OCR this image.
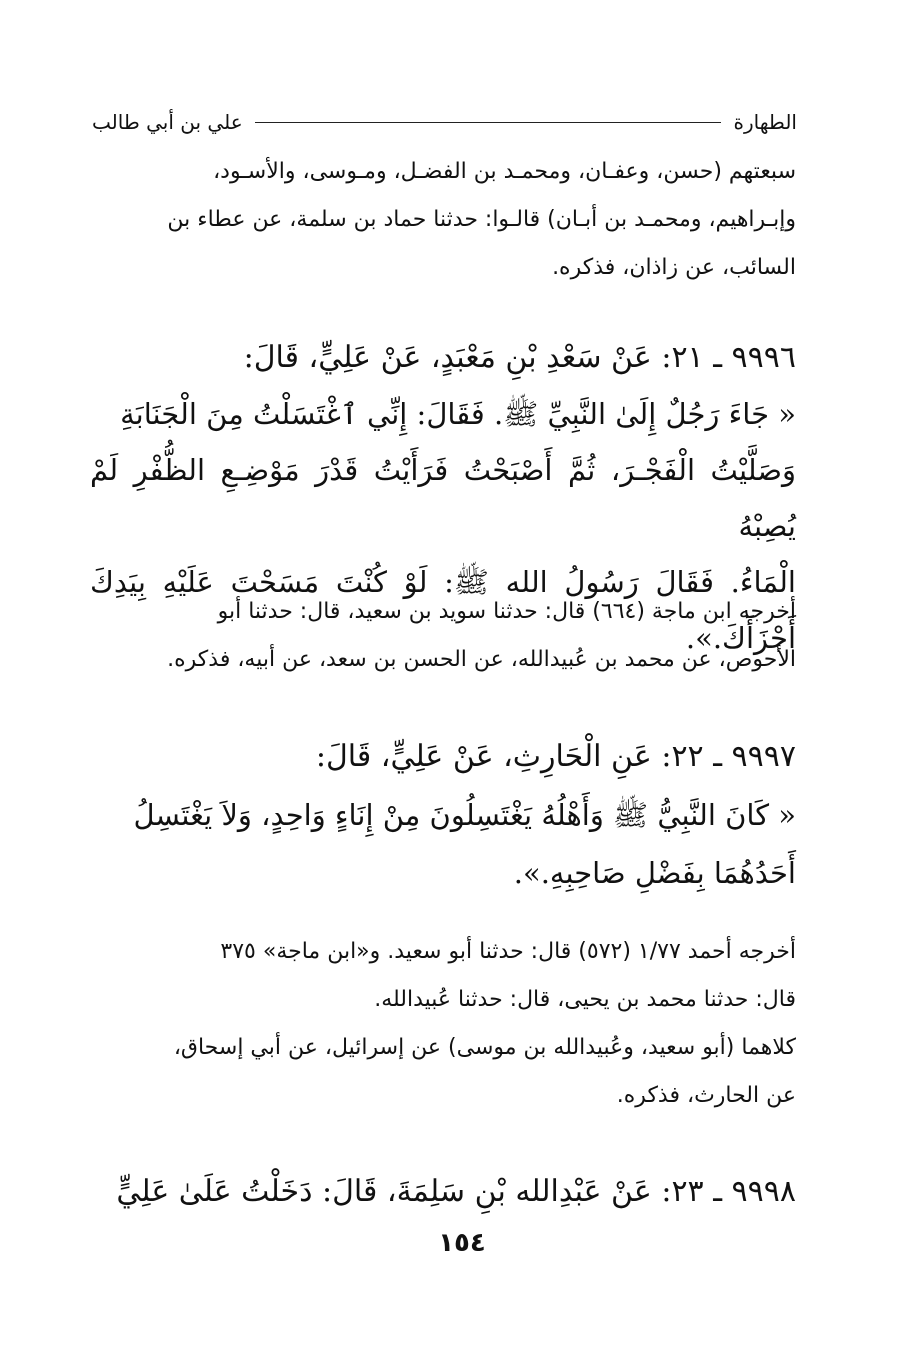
الطهارة
علي بن أبي طالب
سبعتهم (حسن، وعفـان، ومحمـد بن الفضـل، ومـوسى، والأسـود،
وإبـراهيم، ومحمـد بن أبـان) قالـوا: حدثنا حماد بن سلمة، عن عطاء بن
السائب، عن زاذان، فذكره.
٩٩٩٦ ـ ٢١: عَنْ سَعْدِ بْنِ مَعْبَدٍ، عَنْ عَلِيٍّ، قَالَ:
« جَاءَ رَجُلٌ إِلَىٰ النَّبِيِّ ﷺ. فَقَالَ: إِنِّي ٱغْتَسَلْتُ مِنَ الْجَنَابَةِ
وَصَلَّيْتُ الْفَجْـرَ، ثُمَّ أَصْبَحْتُ فَرَأَيْتُ قَدْرَ مَوْضِـعِ الظُّفْرِ لَمْ يُصِبْهُ
الْمَاءُ. فَقَالَ رَسُولُ الله ﷺ: لَوْ كُنْتَ مَسَحْتَ عَلَيْهِ بِيَدِكَ أَجْزَأَكَ.».
أخرجه ابن ماجة (٦٦٤) قال: حدثنا سويد بن سعيد، قال: حدثنا أبو
الأحوص، عن محمد بن عُبيدالله، عن الحسن بن سعد، عن أبيه، فذكره.
٩٩٩٧ ـ ٢٢: عَنِ الْحَارِثِ، عَنْ عَلِيٍّ، قَالَ:
« كَانَ النَّبِيُّ ﷺ وَأَهْلُهُ يَغْتَسِلُونَ مِنْ إِنَاءٍ وَاحِدٍ، وَلاَ يَغْتَسِلُ
أَحَدُهُمَا بِفَضْلِ صَاحِبِهِ.».
أخرجه أحمد ١/٧٧ (٥٧٢) قال: حدثنا أبو سعيد. و«ابن ماجة» ٣٧٥
قال: حدثنا محمد بن يحيى، قال: حدثنا عُبيدالله.
كلاهما (أبو سعيد، وعُبيدالله بن موسى) عن إسرائيل، عن أبي إسحاق،
عن الحارث، فذكره.
٩٩٩٨ ـ ٢٣: عَنْ عَبْدِالله بْنِ سَلِمَةَ، قَالَ: دَخَلْتُ عَلَىٰ عَلِيٍّ
١٥٤
